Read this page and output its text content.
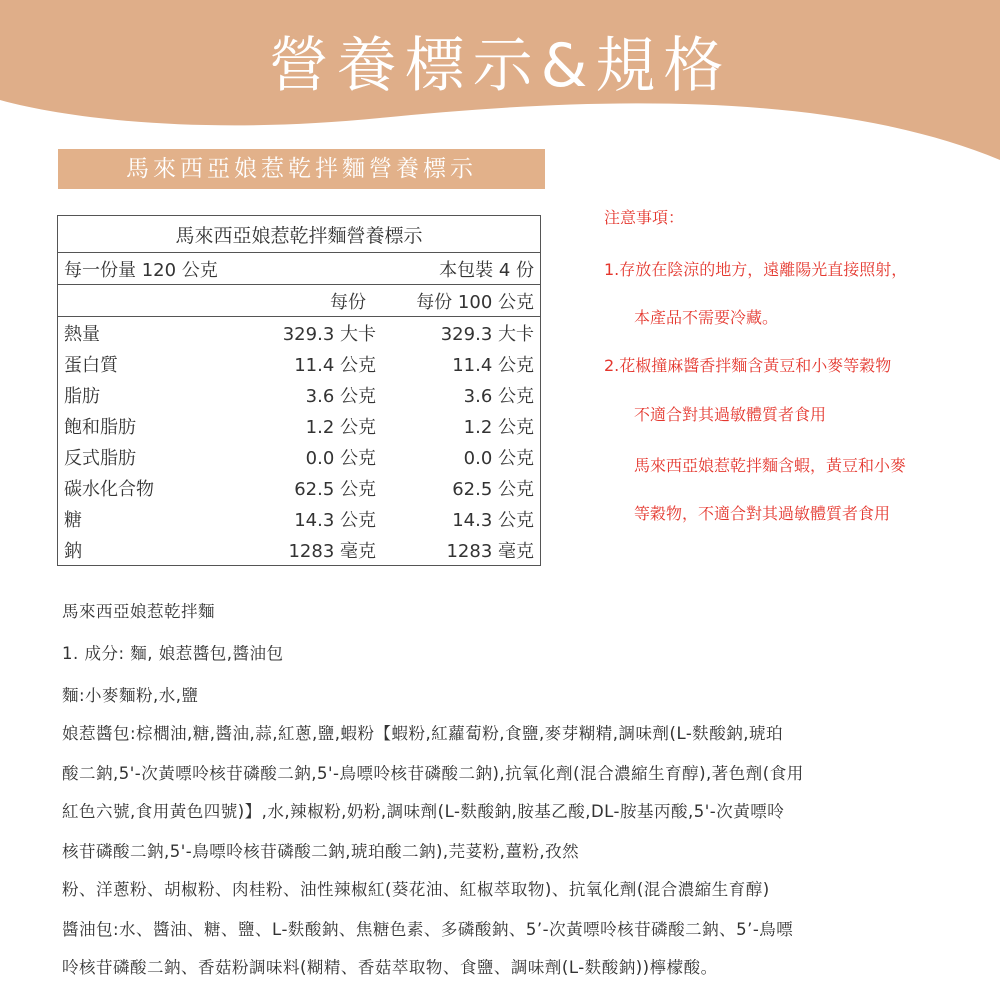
營養標示&規格
馬來西亞娘惹乾拌麵營養標示
馬來西亞娘惹乾拌麵營養標示		
每一份量 120 公克		本包裝 4 份
	每份	每份 100 公克
熱量	329.3 大卡	329.3 大卡
蛋白質	11.4 公克	11.4 公克
脂肪	3.6 公克	3.6 公克
飽和脂肪	1.2 公克	1.2 公克
反式脂肪	0.0 公克	0.0 公克
碳水化合物	62.5 公克	62.5 公克
糖	14.3 公克	14.3 公克
鈉	1283 毫克	1283 毫克
注意事項：
1.存放在陰涼的地方，遠離陽光直接照射，
本產品不需要冷藏。
2.花椒撞麻醬香拌麵含黃豆和小麥等穀物
不適合對其過敏體質者食用
馬來西亞娘惹乾拌麵含蝦，黃豆和小麥
等穀物，不適合對其過敏體質者食用
馬來西亞娘惹乾拌麵
1. 成分: 麵, 娘惹醬包,醬油包
麵:小麥麵粉,水,鹽
娘惹醬包:棕櫚油,糖,醬油,蒜,紅蔥,鹽,蝦粉【蝦粉,紅蘿蔔粉,食鹽,麥芽糊精,調味劑(L-麩酸鈉,琥珀
酸二鈉,5'-次黃嘌呤核苷磷酸二鈉,5'-鳥嘌呤核苷磷酸二鈉),抗氧化劑(混合濃縮生育醇),著色劑(食用
紅色六號,食用黃色四號)】,水,辣椒粉,奶粉,調味劑(L-麩酸鈉,胺基乙酸,DL-胺基丙酸,5'-次黃嘌呤
核苷磷酸二鈉,5'-鳥嘌呤核苷磷酸二鈉,琥珀酸二鈉),芫荽粉,薑粉,孜然
粉、洋蔥粉、胡椒粉、肉桂粉、油性辣椒紅(葵花油、紅椒萃取物)、抗氧化劑(混合濃縮生育醇)
醬油包:水、醬油、糖、鹽、L-麩酸鈉、焦糖色素、多磷酸鈉、5’-次黃嘌呤核苷磷酸二鈉、5’-鳥嘌
呤核苷磷酸二鈉、香菇粉調味料(糊精、香菇萃取物、食鹽、調味劑(L-麩酸鈉))檸檬酸。
